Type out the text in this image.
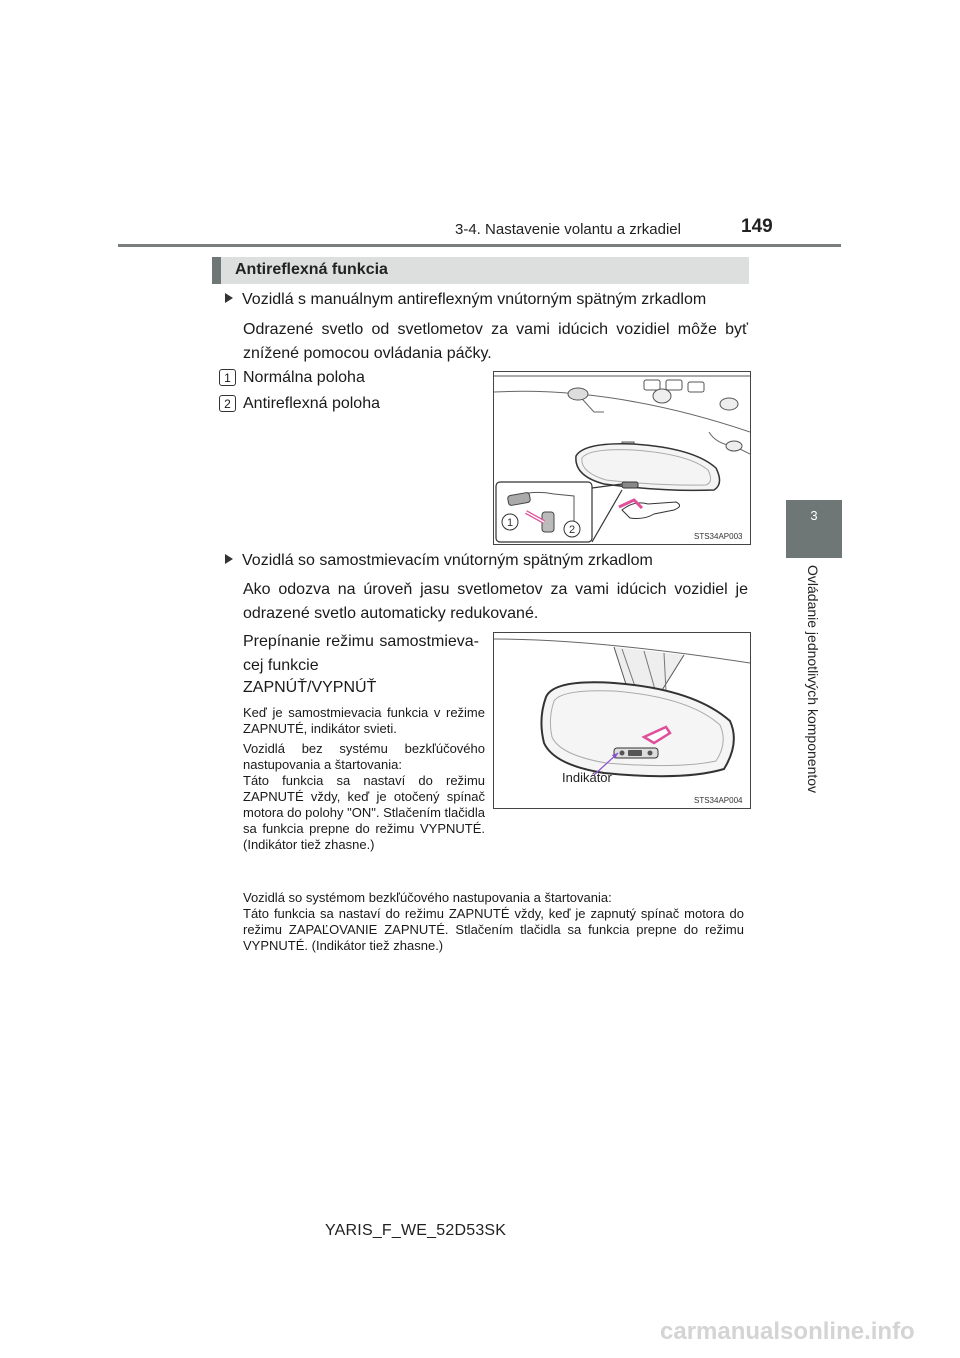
3-4. Nastavenie volantu a zrkadiel	149
3
Ovládanie jednotlivých komponentov
Antireflexná funkcia
Vozidlá s manuálnym antireflexným vnútorným spätným zrkadlom
Odrazené svetlo od svetlometov za vami idúcich vozidiel môže byť znížené pomocou ovládania páčky.
1 Normálna poloha
2 Antireflexná poloha
1
2
STS34AP003
Vozidlá so samostmievacím vnútorným spätným zrkadlom
Ako odozva na úroveň jasu svetlometov za vami idúcich vozidiel je odrazené svetlo automaticky redukované.
Prepínanie režimu samostmieva-
cej funkcie
ZAPNÚŤ/VYPNÚŤ

Keď je samostmievacia funkcia v režime ZAPNUTÉ, indikátor svieti.

Vozidlá bez systému bezkľúčového nastupovania a štartovania:

Táto funkcia sa nastaví do režimu ZAPNUTÉ vždy, keď je otočený spínač motora do polohy "ON". Stlačením tlačidla sa funkcia prepne do režimu VYPNUTÉ. (Indikátor tiež zhasne.)

Vozidlá so systémom bezkľúčového nastupovania a štartovania:

Táto funkcia sa nastaví do režimu ZAPNUTÉ vždy, keď je zapnutý spínač motora do režimu ZAPAĽOVANIE ZAPNUTÉ. Stlačením tlačidla sa funkcia prepne do režimu VYPNUTÉ. (Indikátor tiež zhasne.)

Indikátor
STS34AP004
YARIS_F_WE_52D53SK
carmanualsonline.info
